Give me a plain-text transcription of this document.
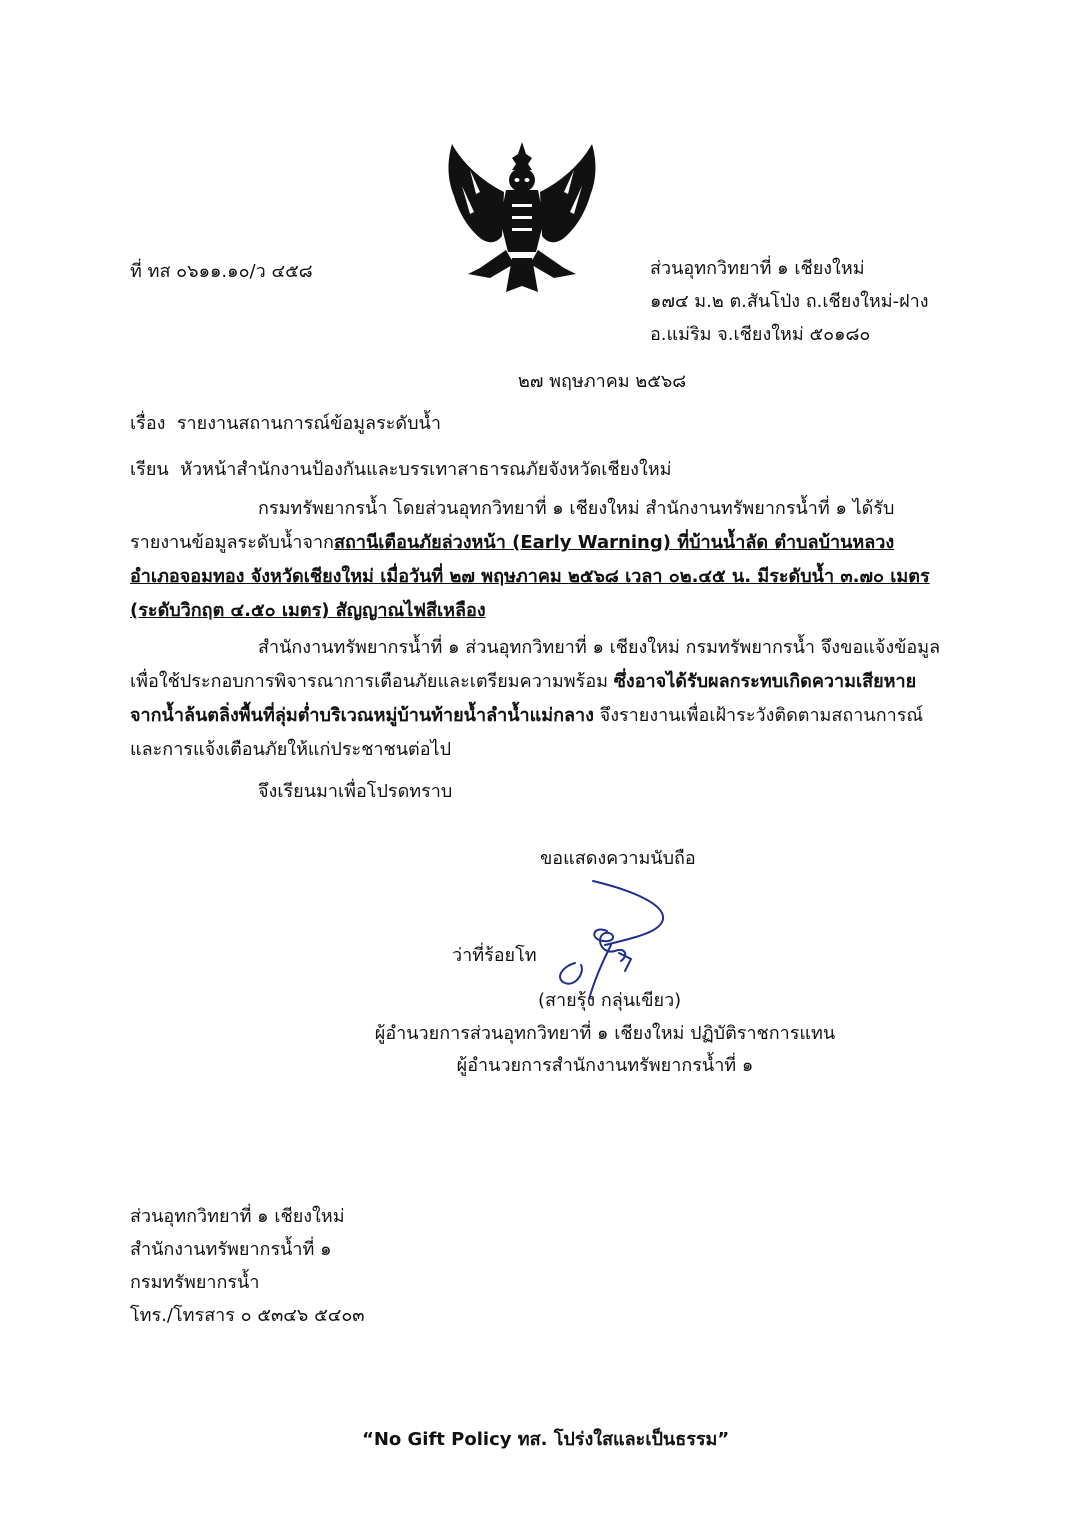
ที่ ทส ๐๖๑๑.๑๐/ว ๔๕๘	ส่วนอุทกวิทยาที่ ๑ เชียงใหม่
๑๗๔ ม.๒ ต.สันโป่ง ถ.เชียงใหม่-ฝาง
อ.แม่ริม จ.เชียงใหม่ ๕๐๑๘๐
๒๗ พฤษภาคม ๒๕๖๘
เรื่อง รายงานสถานการณ์ข้อมูลระดับน้ำ
เรียน หัวหน้าสำนักงานป้องกันและบรรเทาสาธารณภัยจังหวัดเชียงใหม่
กรมทรัพยากรน้ำ โดยส่วนอุทกวิทยาที่ ๑ เชียงใหม่ สำนักงานทรัพยากรน้ำที่ ๑ ได้รับรายงานข้อมูลระดับน้ำจากสถานีเตือนภัยล่วงหน้า (Early Warning) ที่บ้านน้ำลัด ตำบลบ้านหลวง อำเภอจอมทอง จังหวัดเชียงใหม่ เมื่อวันที่ ๒๗ พฤษภาคม ๒๕๖๘ เวลา ๐๒.๔๕ น. มีระดับน้ำ ๓.๗๐ เมตร (ระดับวิกฤต ๔.๕๐ เมตร) สัญญาณไฟสีเหลือง
สำนักงานทรัพยากรน้ำที่ ๑ ส่วนอุทกวิทยาที่ ๑ เชียงใหม่ กรมทรัพยากรน้ำ จึงขอแจ้งข้อมูลเพื่อใช้ประกอบการพิจารณาการเตือนภัยและเตรียมความพร้อม ซึ่งอาจได้รับผลกระทบเกิดความเสียหายจากน้ำล้นตลิ่งพื้นที่ลุ่มต่ำบริเวณหมู่บ้านท้ายน้ำลำน้ำแม่กลาง จึงรายงานเพื่อเฝ้าระวังติดตามสถานการณ์และการแจ้งเตือนภัยให้แก่ประชาชนต่อไป
จึงเรียนมาเพื่อโปรดทราบ
ขอแสดงความนับถือ
ว่าที่ร้อยโท
(สายรุ้ง กลุ่นเขียว)
ผู้อำนวยการส่วนอุทกวิทยาที่ ๑ เชียงใหม่ ปฏิบัติราชการแทน
ผู้อำนวยการสำนักงานทรัพยากรน้ำที่ ๑
ส่วนอุทกวิทยาที่ ๑ เชียงใหม่
สำนักงานทรัพยากรน้ำที่ ๑
กรมทรัพยากรน้ำ
โทร./โทรสาร ๐ ๕๓๔๖ ๕๔๐๓
“No Gift Policy ทส. โปร่งใสและเป็นธรรม”
